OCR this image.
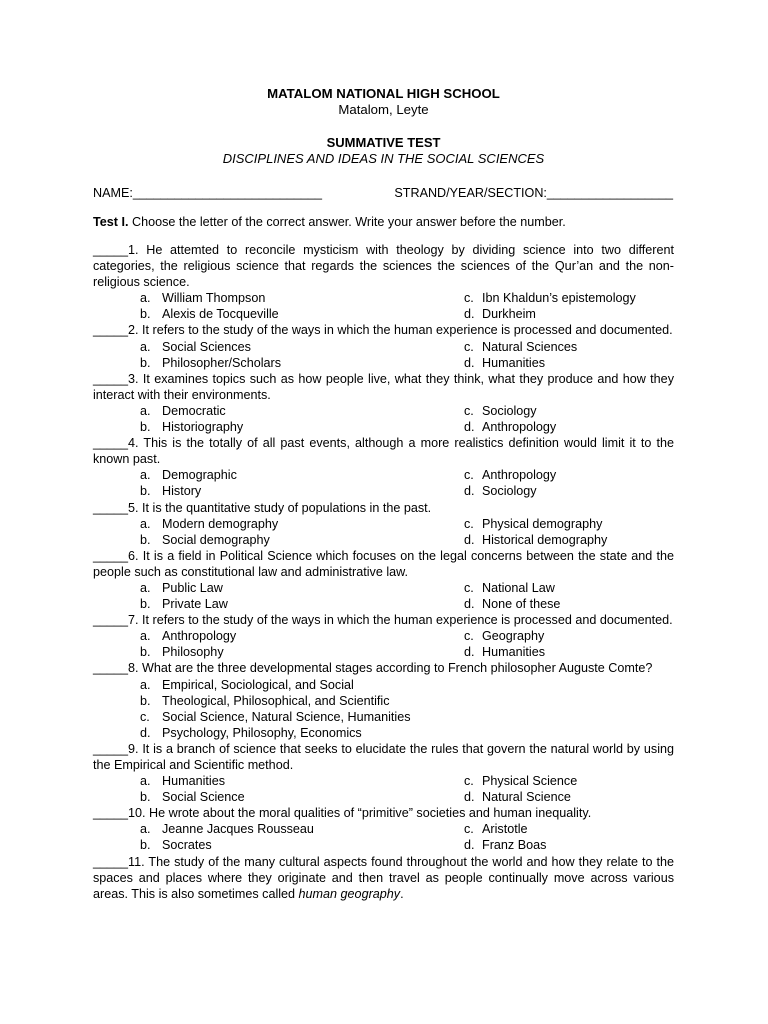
MATALOM NATIONAL HIGH SCHOOL
Matalom, Leyte
SUMMATIVE TEST
DISCIPLINES AND IDEAS IN THE SOCIAL SCIENCES
NAME:___________________________	STRAND/YEAR/SECTION:__________________
Test I. Choose the letter of the correct answer. Write your answer before the number.
_____1. He attemted to reconcile mysticism with theology by dividing science into two different categories, the religious science that regards the sciences the sciences of the Qur’an and the non-religious science.
a. William Thompson	c. Ibn Khaldun’s epistemology
b. Alexis de Tocqueville	d. Durkheim
_____2. It refers to the study of the ways in which the human experience is processed and documented.
a. Social Sciences	c. Natural Sciences
b. Philosopher/Scholars	d. Humanities
_____3. It examines topics such as how people live, what they think, what they produce and how they interact with their environments.
a. Democratic	c. Sociology
b. Historiography	d. Anthropology
_____4. This is the totally of all past events, although a more realistics definition would limit it to the known past.
a. Demographic	c. Anthropology
b. History	d. Sociology
_____5. It is the quantitative study of populations in the past.
a. Modern demography	c. Physical demography
b. Social demography	d. Historical demography
_____6. It is a field in Political Science which focuses on the legal concerns between the state and the people such as constitutional law and administrative law.
a. Public Law	c. National Law
b. Private Law	d. None of these
_____7. It refers to the study of the ways in which the human experience is processed and documented.
a. Anthropology	c. Geography
b. Philosophy	d. Humanities
_____8. What are the three developmental stages according to French philosopher Auguste Comte?
a. Empirical, Sociological, and Social
b. Theological, Philosophical, and Scientific
c. Social Science, Natural Science, Humanities
d. Psychology, Philosophy, Economics
_____9. It is a branch of science that seeks to elucidate the rules that govern the natural world by using the Empirical and Scientific method.
a. Humanities	c. Physical Science
b. Social Science	d. Natural Science
_____10. He wrote about the moral qualities of “primitive” societies and human inequality.
a. Jeanne Jacques Rousseau	c. Aristotle
b. Socrates	d. Franz Boas
_____11. The study of the many cultural aspects found throughout the world and how they relate to the spaces and places where they originate and then travel as people continually move across various areas. This is also sometimes called human geography.
